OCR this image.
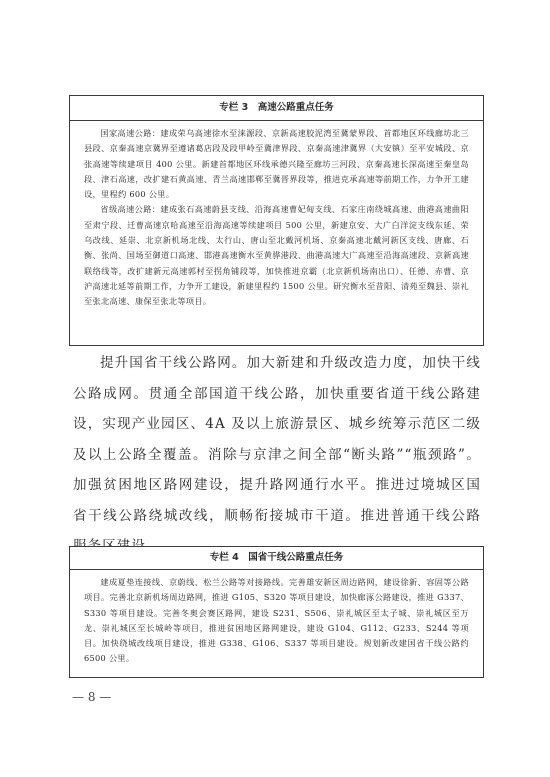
专栏 3　高速公路重点任务

国家高速公路：建成荣乌高速徐水至涞源段、京新高速胶泥湾至冀蒙界段、首都地区环线廊坊北三县段、京秦高速京冀界至遵诸葛店段及段甲岭至冀津界段、京秦高速津冀界（大安镇）至平安城段、京张高速等续建项目 400 公里。新建首都地区环线承德兴隆至廊坊三河段、京秦高速长深高速至秦皇岛段、津石高速，改扩建石黄高速、青兰高速邯郸至冀晋界段等，推进克承高速等前期工作，力争开工建设，里程约 600 公里。

省级高速公路：建成张石高速蔚县支线、沿海高速曹妃甸支线、石家庄南绕城高速、曲港高速曲阳至肃宁段、迁曹高速京哈高速至沿海高速等续建项目 500 公里，新建京安、大广白洋淀支线东延、荣乌改线、延崇、北京新机场北线、太行山、唐山至北戴河机场、京秦高速北戴河新区支线、唐廊、石衡、张尚、国场至御道口高速、邯港高速衡水至黄骅港段、曲港高速大广高速至沿海高速段、京新高速联络线等，改扩建新元高速郭村至拐角铺段等，加快推进京霸（北京新机场南出口）、任德、赤曹、京沪高速北延等前期工作，力争开工建设，新建里程约 1500 公里。研究衡水至昔阳、清苑至魏县、崇礼至张北高速、康保至张北等项目。

提升国省干线公路网。加大新建和升级改造力度，加快干线公路成网。贯通全部国道干线公路，加快重要省道干线公路建设，实现产业园区、4A 及以上旅游景区、城乡统筹示范区二级及以上公路全覆盖。消除与京津之间全部“断头路”“瓶颈路”。加强贫困地区路网建设，提升路网通行水平。推进过境城区国省干线公路绕城改线，顺畅衔接城市干道。推进普通干线公路

专栏 4　国省干线公路重点任务

建成夏垫连接线、京蔚线、松兰公路等对接路线。完善雄安新区周边路网，建设徐新、容固等公路项目。完善北京新机场周边路网，推进 G105、S320 等项目建设，加快廊涿公路建设，推进 G337、S330 等项目建设。完善冬奥会赛区路网，建设 S231、S506、崇礼城区至太子城、崇礼城区至万龙、崇礼城区至长城岭等项目，推进贫困地区路网建设，建设 G104、G112、G233、S244 等项目。加快绕城改线项目建设，推进 G338、G106、S337 等项目建设。规划新改建国省干线公路约 6500 公里。

— 8 —
